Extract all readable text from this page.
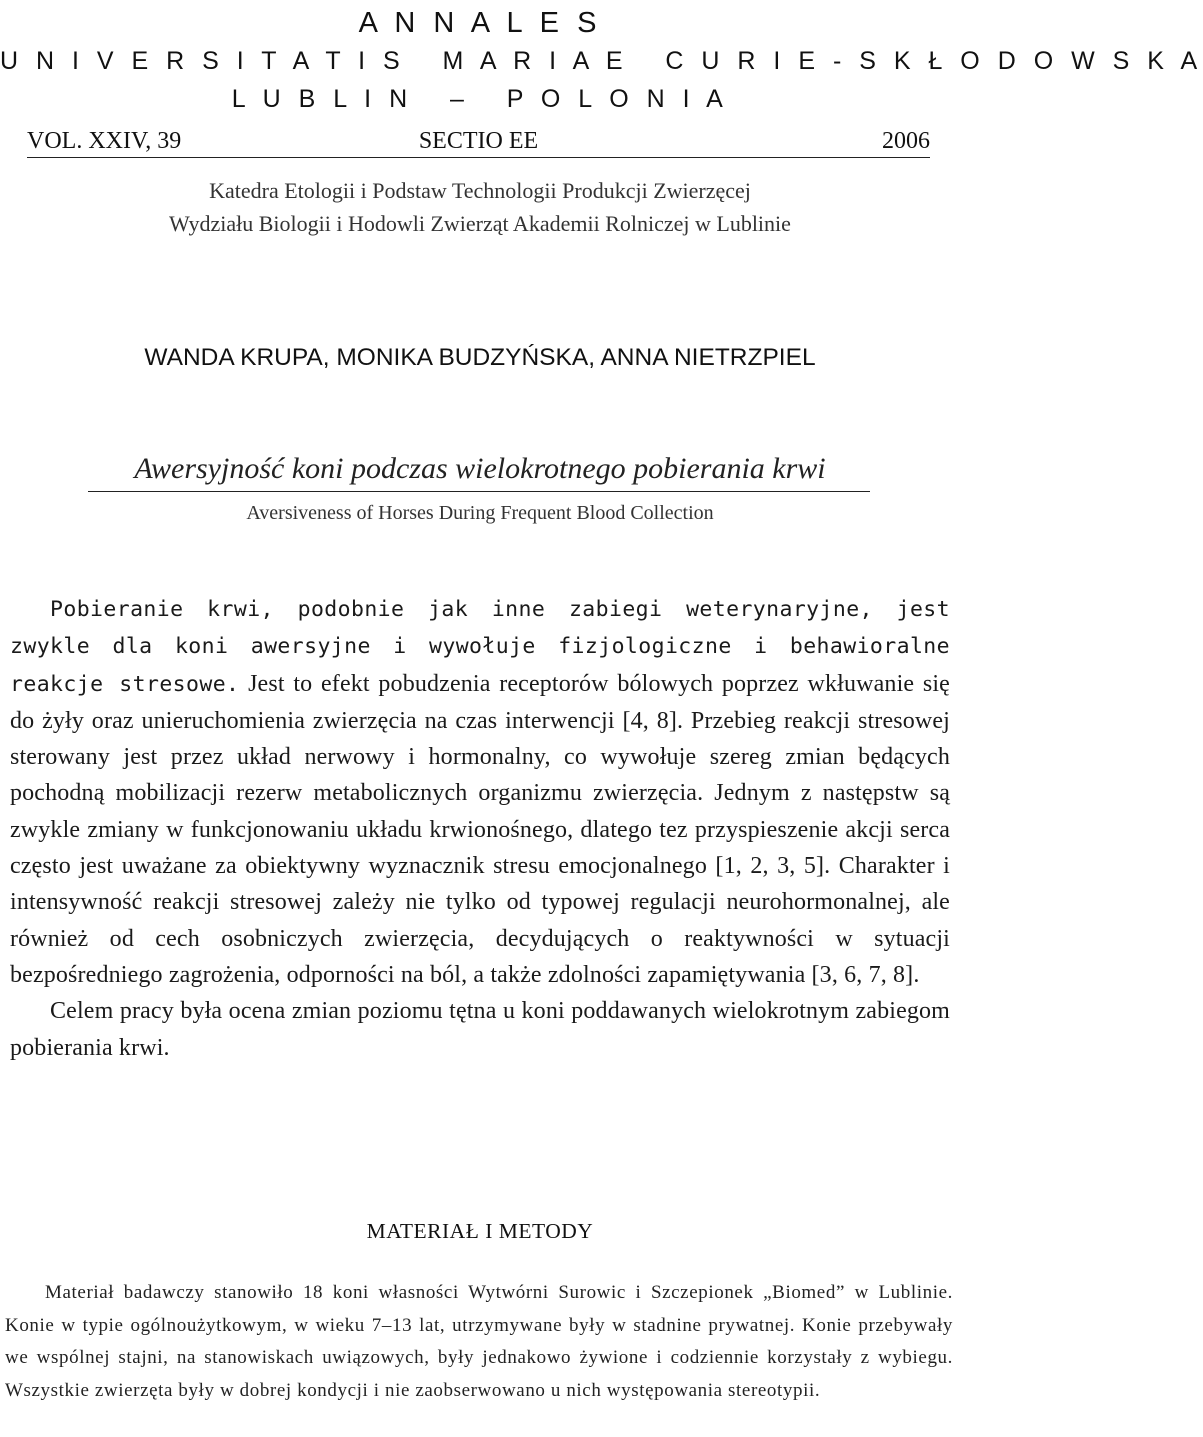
A N N A L E S
U N I V E R S I T A T I S   M A R I A E   C U R I E - S K Ł O D O W S K A
L U B L I N   –   P O L O N I A
VOL. XXIV, 39	SECTIO EE	2006
Katedra Etologii i Podstaw Technologii Produkcji Zwierzęcej
Wydziału Biologii i Hodowli Zwierząt Akademii Rolniczej w Lublinie
WANDA KRUPA, MONIKA BUDZYŃSKA, ANNA NIETRZPIEL
Awersyjność koni podczas wielokrotnego pobierania krwi
Aversiveness of Horses During Frequent Blood Collection

Pobieranie krwi, podobnie jak inne zabiegi weterynaryjne, jest zwykle dla koni awersyjne i wywołuje fizjologiczne i behawioralne reakcje stresowe. Jest to efekt pobudzenia receptorów bólowych poprzez wkłuwanie się do żyły oraz unieruchomienia zwierzęcia na czas interwencji [4, 8]. Przebieg reakcji stresowej sterowany jest przez układ nerwowy i hormonalny, co wywołuje szereg zmian będących pochodną mobilizacji rezerw metabolicznych organizmu zwierzęcia. Jednym z następstw są zwykle zmiany w funkcjonowaniu układu krwionośnego, dlatego tez przyspieszenie akcji serca często jest uważane za obiektywny wyznacznik stresu emocjonalnego [1, 2, 3, 5]. Charakter i intensywność reakcji stresowej zależy nie tylko od typowej regulacji neurohormonalnej, ale również od cech osobniczych zwierzęcia, decydujących o reaktywności w sytuacji bezpośredniego zagrożenia, odporności na ból, a także zdolności zapamiętywania [3, 6, 7, 8].

Celem pracy była ocena zmian poziomu tętna u koni poddawanych wielokrotnym zabiegom pobierania krwi.

MATERIAŁ I METODY

Materiał badawczy stanowiło 18 koni własności Wytwórni Surowic i Szczepionek „Biomed” w Lublinie. Konie w typie ogólnoużytkowym, w wieku 7–13 lat, utrzymywane były w stadnine prywatnej. Konie przebywały we wspólnej stajni, na stanowiskach uwiązowych, były jednakowo żywione i codziennie korzystały z wybiegu. Wszystkie zwierzęta były w dobrej kondycji i nie zaobserwowano u nich występowania stereotypii.
